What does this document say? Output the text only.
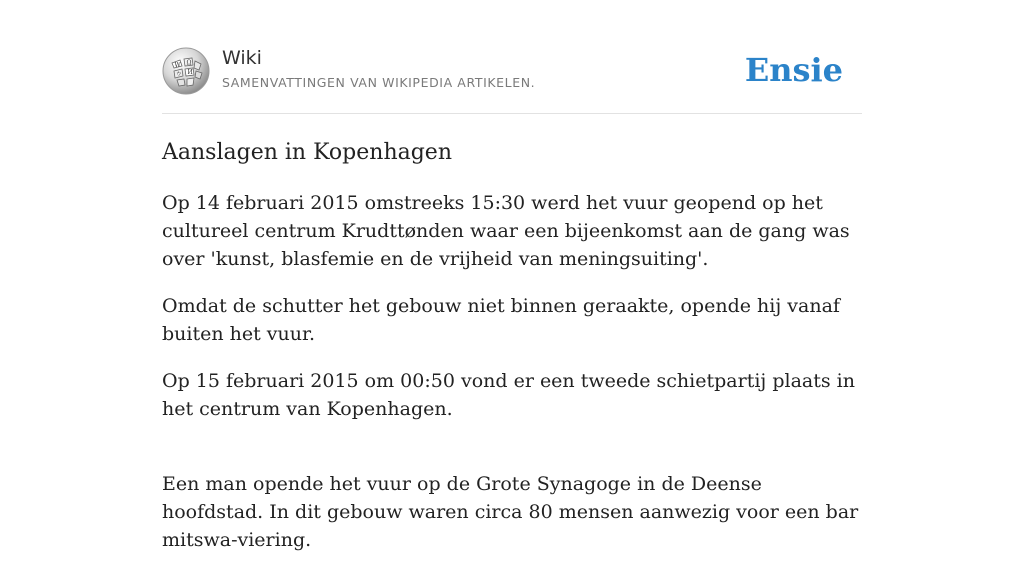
W Ω
И
ウ
Wiki
SAMENVATTINGEN VAN WIKIPEDIA ARTIKELEN.	Ensie
Aanslagen in Kopenhagen

Op 14 februari 2015 omstreeks 15:30 werd het vuur geopend op het cultureel centrum Krudttønden waar een bijeenkomst aan de gang was over 'kunst, blasfemie en de vrijheid van meningsuiting'.

Omdat de schutter het gebouw niet binnen geraakte, opende hij vanaf buiten het vuur.

Op 15 februari 2015 om 00:50 vond er een tweede schietpartij plaats in het centrum van Kopenhagen.

Een man opende het vuur op de Grote Synagoge in de Deense hoofdstad. In dit gebouw waren circa 80 mensen aanwezig voor een bar mitswa-viering.
